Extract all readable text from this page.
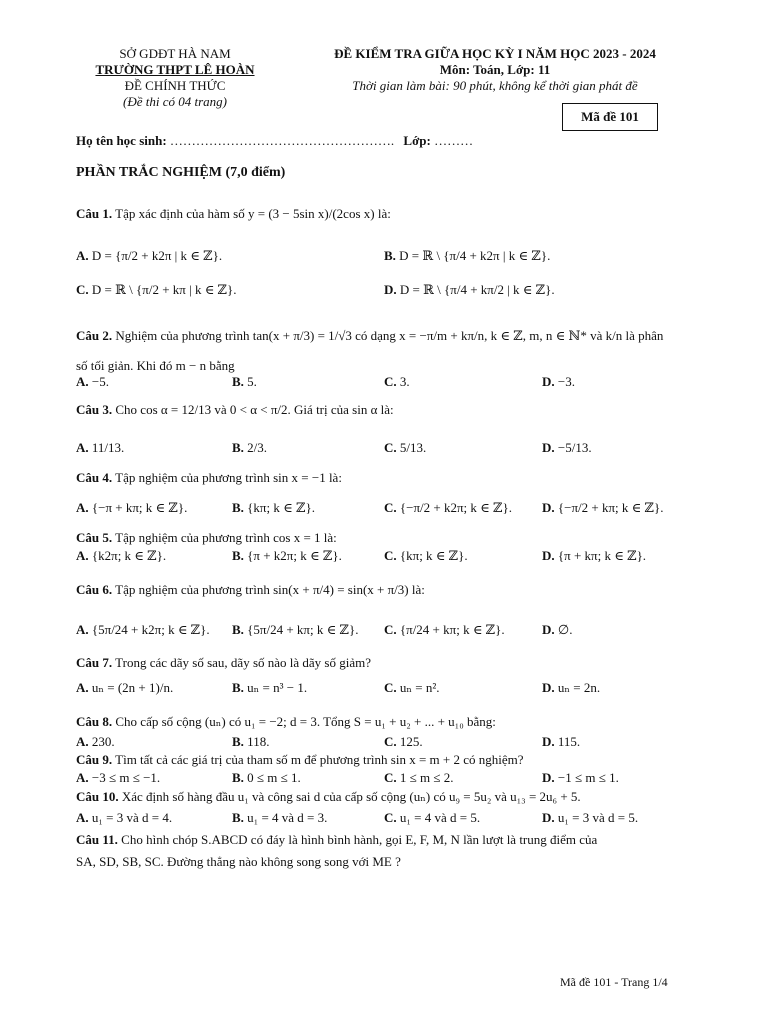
SỞ GDĐT HÀ NAM
TRƯỜNG THPT LÊ HOÀN
ĐỀ CHÍNH THỨC
(Đề thi có 04 trang)
ĐỀ KIỂM TRA GIỮA HỌC KỲ I NĂM HỌC 2023 - 2024
Môn: Toán, Lớp: 11
Thời gian làm bài: 90 phút, không kể thời gian phát đề
Mã đề 101
Họ tên học sinh: ……………………………………………. Lớp: ………
PHẦN TRẮC NGHIỆM (7,0 điểm)
Câu 1. Tập xác định của hàm số y = (3 − 5sin x)/(2cos x) là:
A. D = {π/2 + k2π | k ∈ ℤ}.	B. D = ℝ \ {π/4 + k2π | k ∈ ℤ}.
C. D = ℝ \ {π/2 + kπ | k ∈ ℤ}.	D. D = ℝ \ {π/4 + kπ/2 | k ∈ ℤ}.
Câu 2. Nghiệm của phương trình tan(x + π/3) = 1/√3 có dạng x = −π/m + kπ/n, k ∈ ℤ, m, n ∈ ℕ* và k/n là phân
số tối giản. Khi đó m − n bằng
A. −5.	B. 5.	C. 3.	D. −3.
Câu 3. Cho cos α = 12/13 và 0 < α < π/2. Giá trị của sin α là:
A. 11/13.	B. 2/3.	C. 5/13.	D. −5/13.
Câu 4. Tập nghiệm của phương trình sin x = −1 là:
A. {−π + kπ; k ∈ ℤ}.	B. {kπ; k ∈ ℤ}.	C. {−π/2 + k2π; k ∈ ℤ}. D. {−π/2 + kπ; k ∈ ℤ}.
Câu 5. Tập nghiệm của phương trình cos x = 1 là:
A. {k2π; k ∈ ℤ}.	B. {π + k2π; k ∈ ℤ}.	C. {kπ; k ∈ ℤ}.	D. {π + kπ; k ∈ ℤ}.
Câu 6. Tập nghiệm của phương trình sin(x + π/4) = sin(x + π/3) là:
A. {5π/24 + k2π; k ∈ ℤ}. B. {5π/24 + kπ; k ∈ ℤ}. C. {π/24 + kπ; k ∈ ℤ}.	D. ∅.
Câu 7. Trong các dãy số sau, dãy số nào là dãy số giảm?
A. uₙ = (2n + 1)/n.	B. uₙ = n³ − 1.	C. uₙ = n².	D. uₙ = 2n.
Câu 8. Cho cấp số cộng (uₙ) có u₁ = −2; d = 3. Tổng S = u₁ + u₂ + ... + u₁₀ bằng:
A. 230.	B. 118.	C. 125.	D. 115.
Câu 9. Tìm tất cả các giá trị của tham số m để phương trình sin x = m + 2 có nghiệm?
A. −3 ≤ m ≤ −1.	B. 0 ≤ m ≤ 1.	C. 1 ≤ m ≤ 2.	D. −1 ≤ m ≤ 1.
Câu 10. Xác định số hàng đầu u₁ và công sai d của cấp số cộng (uₙ) có u₉ = 5u₂ và u₁₃ = 2u₆ + 5.
A. u₁ = 3 và d = 4.	B. u₁ = 4 và d = 3.	C. u₁ = 4 và d = 5.	D. u₁ = 3 và d = 5.
Câu 11. Cho hình chóp S.ABCD có đáy là hình bình hành, gọi E, F, M, N lần lượt là trung điểm của
SA, SD, SB, SC. Đường thẳng nào không song song với ME ?
Mã đề 101 - Trang 1/4
